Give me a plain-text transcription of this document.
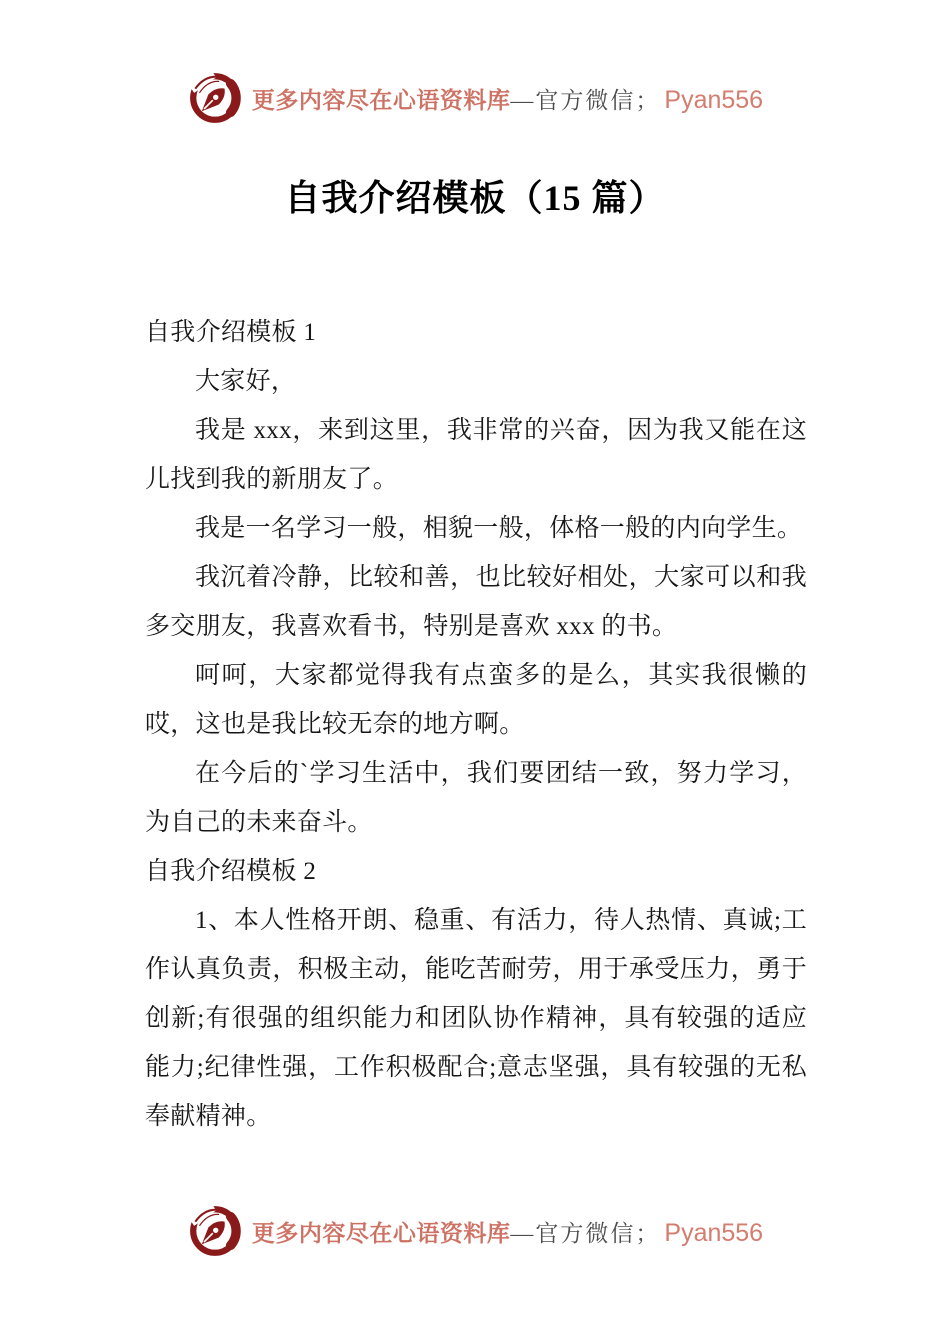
更多内容尽在心语资料库 — 官方微信； Pyan556
自我介绍模板（15 篇）
自我介绍模板 1

大家好，

我是 xxx，来到这里，我非常的兴奋，因为我又能在这儿找到我的新朋友了。

我是一名学习一般，相貌一般，体格一般的内向学生。

我沉着冷静，比较和善，也比较好相处，大家可以和我多交朋友，我喜欢看书，特别是喜欢 xxx 的书。

呵呵，大家都觉得我有点蛮多的是么，其实我很懒的哎，这也是我比较无奈的地方啊。

在今后的`学习生活中，我们要团结一致，努力学习，为自己的未来奋斗。

自我介绍模板 2

1、本人性格开朗、稳重、有活力，待人热情、真诚;工作认真负责，积极主动，能吃苦耐劳，用于承受压力，勇于创新;有很强的组织能力和团队协作精神，具有较强的适应能力;纪律性强，工作积极配合;意志坚强，具有较强的无私奉献精神。

更多内容尽在心语资料库 — 官方微信； Pyan556
